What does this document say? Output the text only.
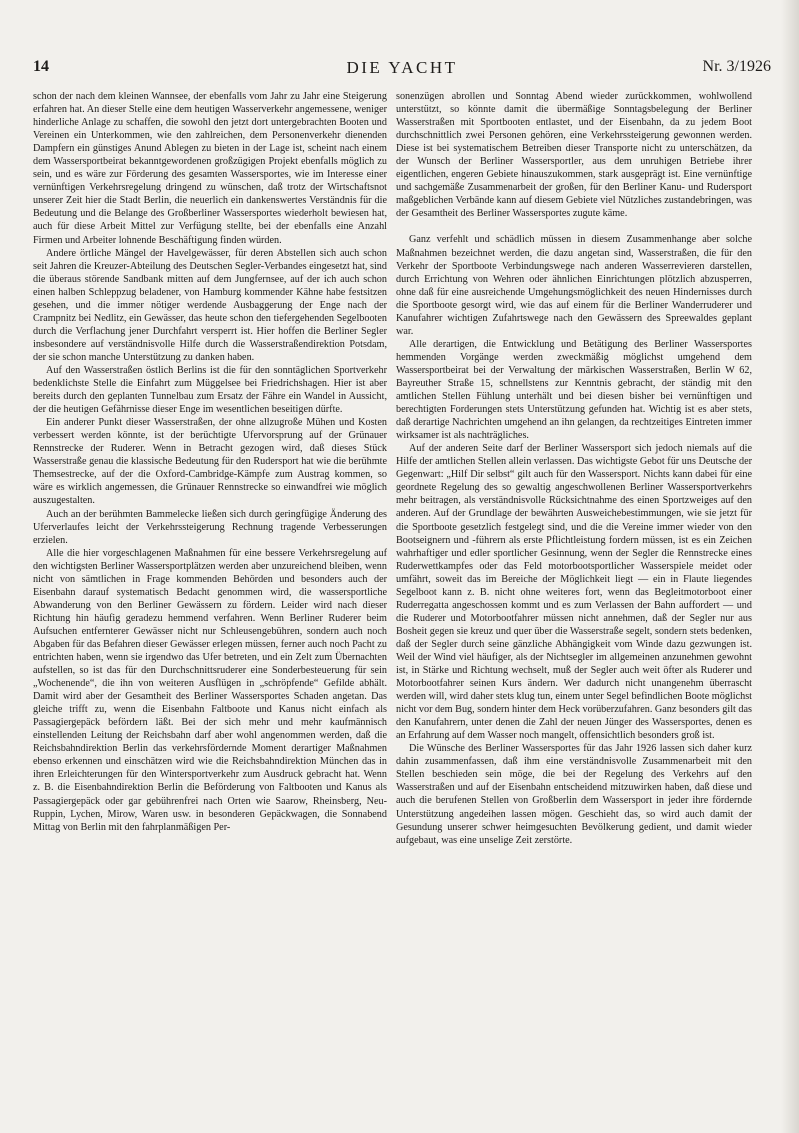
14	DIE YACHT	Nr. 3/1926

schon der nach dem kleinen Wannsee, der ebenfalls vom Jahr zu Jahr eine Steigerung erfahren hat. An dieser Stelle eine dem heutigen Wasserverkehr angemessene, weniger hinderliche Anlage zu schaffen, die sowohl den jetzt dort untergebrachten Booten und Vereinen ein Unterkommen, wie den zahlreichen, dem Personenverkehr dienenden Dampfern ein günstiges Anund Ablegen zu bieten in der Lage ist, scheint nach einem dem Wassersportbeirat bekanntgewordenen großzügigen Projekt ebenfalls möglich zu sein, und es wäre zur Förderung des gesamten Wassersportes, wie im Interesse einer vernünftigen Verkehrsregelung dringend zu wünschen, daß trotz der Wirtschaftsnot unserer Zeit hier die Stadt Berlin, die neuerlich ein dankenswertes Verständnis für die Bedeutung und die Belange des Großberliner Wassersportes wiederholt bewiesen hat, auch für diese Arbeit Mittel zur Verfügung stellte, bei der ebenfalls eine Anzahl Firmen und Arbeiter lohnende Beschäftigung finden würden.

Andere örtliche Mängel der Havelgewässer, für deren Abstellen sich auch schon seit Jahren die Kreuzer-Abteilung des Deutschen Segler-Verbandes eingesetzt hat, sind die überaus störende Sandbank mitten auf dem Jungfernsee, auf der ich auch schon einen halben Schleppzug beladener, von Hamburg kommender Kähne habe festsitzen gesehen, und die immer nötiger werdende Ausbaggerung der Enge nach der Crampnitz bei Nedlitz, ein Gewässer, das heute schon den tiefergehenden Segelbooten durch die Verflachung jener Durchfahrt versperrt ist. Hier hoffen die Berliner Segler insbesondere auf verständnisvolle Hilfe durch die Wasserstraßendirektion Potsdam, der sie schon manche Unterstützung zu danken haben.

Auf den Wasserstraßen östlich Berlins ist die für den sonntäglichen Sportverkehr bedenklichste Stelle die Einfahrt zum Müggelsee bei Friedrichshagen. Hier ist aber bereits durch den geplanten Tunnelbau zum Ersatz der Fähre ein Wandel in Aussicht, der die heutigen Gefährnisse dieser Enge im wesentlichen beseitigen dürfte.

Ein anderer Punkt dieser Wasserstraßen, der ohne allzugroße Mühen und Kosten verbessert werden könnte, ist der berüchtigte Ufervorsprung auf der Grünauer Rennstrecke der Ruderer. Wenn in Betracht gezogen wird, daß dieses Stück Wasserstraße genau die klassische Bedeutung für den Rudersport hat wie die berühmte Themsestrecke, auf der die Oxford-Cambridge-Kämpfe zum Austrag kommen, so wäre es wirklich angemessen, die Grünauer Rennstrecke so einwandfrei wie möglich auszugestalten.

Auch an der berühmten Bammelecke ließen sich durch geringfügige Änderung des Uferverlaufes leicht der Verkehrssteigerung Rechnung tragende Verbesserungen erzielen.

Alle die hier vorgeschlagenen Maßnahmen für eine bessere Verkehrsregelung auf den wichtigsten Berliner Wassersportplätzen werden aber unzureichend bleiben, wenn nicht von sämtlichen in Frage kommenden Behörden und besonders auch der Eisenbahn darauf systematisch Bedacht genommen wird, die wassersportliche Abwanderung von den Berliner Gewässern zu fördern. Leider wird nach dieser Richtung hin häufig geradezu hemmend verfahren. Wenn Berliner Ruderer beim Aufsuchen entfernterer Gewässer nicht nur Schleusengebühren, sondern auch noch Abgaben für das Befahren dieser Gewässer erlegen müssen, ferner auch noch Pacht zu entrichten haben, wenn sie irgendwo das Ufer betreten, und ein Zelt zum Übernachten aufstellen, so ist das für den Durchschnittsruderer eine Sonderbesteuerung für sein „Wochenende“, die ihn von weiteren Ausflügen in „schröpfende“ Gefilde abhält. Damit wird aber der Gesamtheit des Berliner Wassersportes Schaden angetan. Das gleiche trifft zu, wenn die Eisenbahn Faltboote und Kanus nicht einfach als Passagiergepäck befördern läßt. Bei der sich mehr und mehr kaufmännisch einstellenden Leitung der Reichsbahn darf aber wohl angenommen werden, daß die Reichsbahndirektion Berlin das verkehrsfördernde Moment derartiger Maßnahmen ebenso erkennen und einschätzen wird wie die Reichsbahndirektion München das in ihren Erleichterungen für den Wintersportverkehr zum Ausdruck gebracht hat. Wenn z. B. die Eisenbahndirektion Berlin die Beförderung von Faltbooten und Kanus als Passagiergepäck oder gar gebührenfrei nach Orten wie Saarow, Rheinsberg, Neu-Ruppin, Lychen, Mirow, Waren usw. in besonderen Gepäckwagen, die Sonnabend Mittag von Berlin mit den fahrplanmäßigen Per-

sonenzügen abrollen und Sonntag Abend wieder zurückkommen, wohlwollend unterstützt, so könnte damit die übermäßige Sonntagsbelegung der Berliner Wasserstraßen mit Sportbooten entlastet, und der Eisenbahn, da zu jedem Boot durchschnittlich zwei Personen gehören, eine Verkehrssteigerung gewonnen werden. Diese ist bei systematischem Betreiben dieser Transporte nicht zu unterschätzen, da der Wunsch der Berliner Wassersportler, aus dem unruhigen Betriebe ihrer eigentlichen, engeren Gebiete hinauszukommen, stark ausgeprägt ist. Eine vernünftige und sachgemäße Zusammenarbeit der großen, für den Berliner Kanu- und Rudersport maßgeblichen Verbände kann auf diesem Gebiete viel Nützliches zustandebringen, was der Gesamtheit des Berliner Wassersportes zugute käme.

Ganz verfehlt und schädlich müssen in diesem Zusammenhange aber solche Maßnahmen bezeichnet werden, die dazu angetan sind, Wasserstraßen, die für den Verkehr der Sportboote Verbindungswege nach anderen Wasserrevieren darstellen, durch Errichtung von Wehren oder ähnlichen Einrichtungen plötzlich abzusperren, ohne daß für eine ausreichende Umgehungsmöglichkeit des neuen Hindernisses durch die Sportboote gesorgt wird, wie das auf einem für die Berliner Wanderruderer und Kanufahrer wichtigen Zufahrtswege nach den Gewässern des Spreewaldes geplant war.

Alle derartigen, die Entwicklung und Betätigung des Berliner Wassersportes hemmenden Vorgänge werden zweckmäßig möglichst umgehend dem Wassersportbeirat bei der Verwaltung der märkischen Wasserstraßen, Berlin W 62, Bayreuther Straße 15, schnellstens zur Kenntnis gebracht, der ständig mit den amtlichen Stellen Fühlung unterhält und bei diesen bisher bei vernünftigen und berechtigten Forderungen stets Unterstützung gefunden hat. Wichtig ist es aber stets, daß derartige Nachrichten umgehend an ihn gelangen, da rechtzeitiges Eintreten immer wirksamer ist als nachträgliches.

Auf der anderen Seite darf der Berliner Wassersport sich jedoch niemals auf die Hilfe der amtlichen Stellen allein verlassen. Das wichtigste Gebot für uns Deutsche der Gegenwart: „Hilf Dir selbst“ gilt auch für den Wassersport. Nichts kann dabei für eine geordnete Regelung des so gewaltig angeschwollenen Berliner Wassersportverkehrs mehr beitragen, als verständnisvolle Rücksichtnahme des einen Sportzweiges auf den anderen. Auf der Grundlage der bewährten Ausweichebestimmungen, wie sie jetzt für die Sportboote gesetzlich festgelegt sind, und die die Vereine immer wieder von den Bootseignern und -führern als erste Pflichtleistung fordern müssen, ist es ein Zeichen wahrhaftiger und edler sportlicher Gesinnung, wenn der Segler die Rennstrecke eines Ruderwettkampfes oder das Feld motorbootsportlicher Wasserspiele meidet oder umfährt, soweit das im Bereiche der Möglichkeit liegt — ein in Flaute liegendes Segelboot kann z. B. nicht ohne weiteres fort, wenn das Begleitmotorboot einer Ruderregatta angeschossen kommt und es zum Verlassen der Bahn auffordert — und die Ruderer und Motorbootfahrer müssen nicht annehmen, daß der Segler nur aus Bosheit gegen sie kreuz und quer über die Wasserstraße segelt, sondern stets bedenken, daß der Segler durch seine gänzliche Abhängigkeit vom Winde dazu gezwungen ist. Weil der Wind viel häufiger, als der Nichtsegler im allgemeinen anzunehmen gewohnt ist, in Stärke und Richtung wechselt, muß der Segler auch weit öfter als Ruderer und Motorbootfahrer seinen Kurs ändern. Wer dadurch nicht unangenehm überrascht werden will, wird daher stets klug tun, einem unter Segel befindlichen Boote möglichst nicht vor dem Bug, sondern hinter dem Heck vorüberzufahren. Ganz besonders gilt das den Kanufahrern, unter denen die Zahl der neuen Jünger des Wassersportes, denen es an Erfahrung auf dem Wasser noch mangelt, offensichtlich besonders groß ist.

Die Wünsche des Berliner Wassersportes für das Jahr 1926 lassen sich daher kurz dahin zusammenfassen, daß ihm eine verständnisvolle Zusammenarbeit mit den Stellen beschieden sein möge, die bei der Regelung des Verkehrs auf den Wasserstraßen und auf der Eisenbahn entscheidend mitzuwirken haben, daß diese und auch die berufenen Stellen von Großberlin dem Wassersport in jeder ihre fördernde Unterstützung angedeihen lassen mögen. Geschieht das, so wird auch damit der Gesundung unserer schwer heimgesuchten Bevölkerung gedient, und damit wieder aufgebaut, was eine unselige Zeit zerstörte.
